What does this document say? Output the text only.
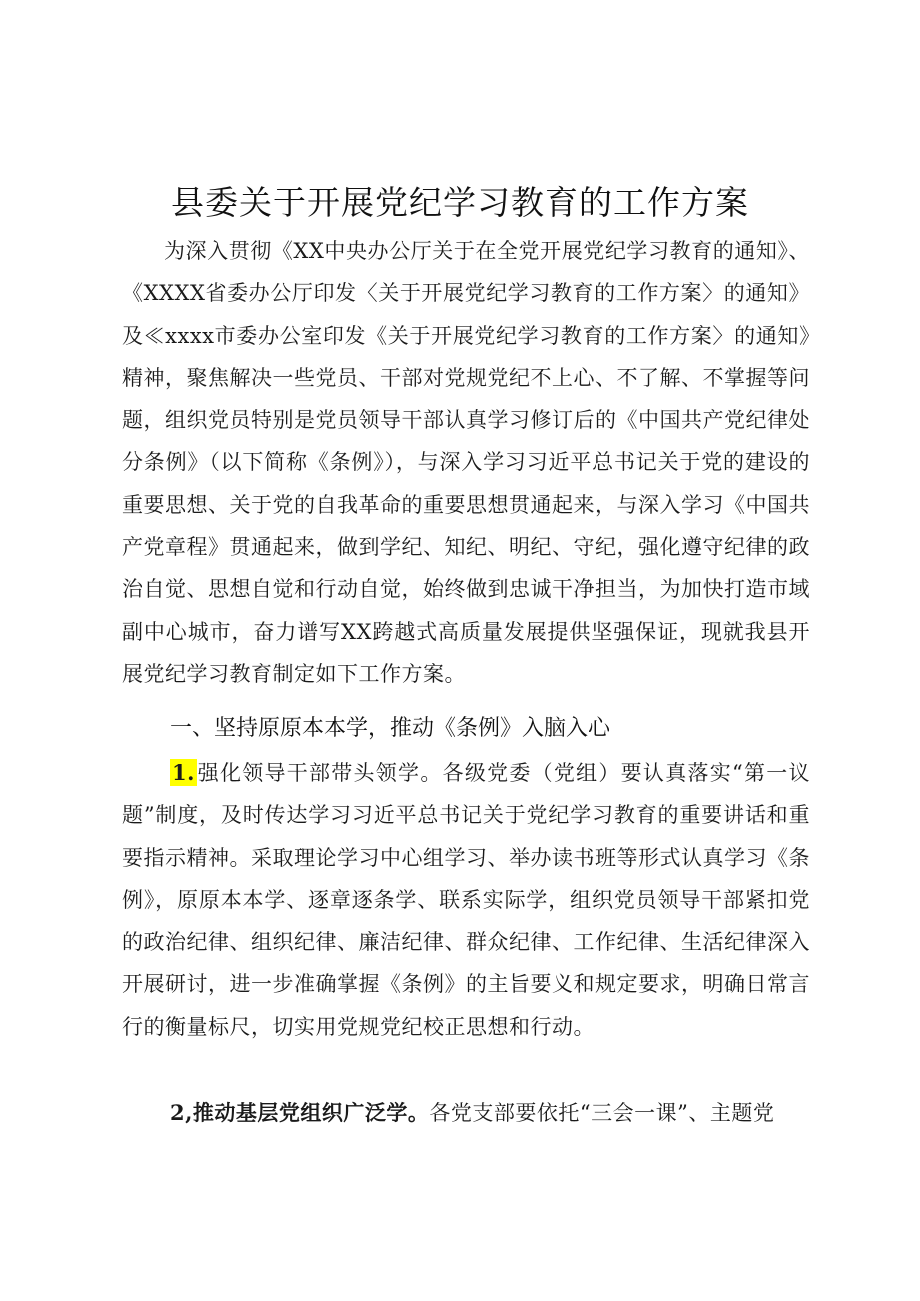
县委关于开展党纪学习教育的工作方案

为深入贯彻《XX中央办公厅关于在全党开展党纪学习教育的通知》、《XXXX省委办公厅印发〈关于开展党纪学习教育的工作方案〉的通知》及≪xxxx市委办公室印发《关于开展党纪学习教育的工作方案〉的通知》精神，聚焦解决一些党员、干部对党规党纪不上心、不了解、不掌握等问题，组织党员特别是党员领导干部认真学习修订后的《中国共产党纪律处分条例》（以下简称《条例》），与深入学习习近平总书记关于党的建设的重要思想、关于党的自我革命的重要思想贯通起来，与深入学习《中国共产党章程》贯通起来，做到学纪、知纪、明纪、守纪，强化遵守纪律的政治自觉、思想自觉和行动自觉，始终做到忠诚干净担当，为加快打造市域副中心城市，奋力谱写XX跨越式高质量发展提供坚强保证，现就我县开展党纪学习教育制定如下工作方案。

一、坚持原原本本学，推动《条例》入脑入心

1.强化领导干部带头领学。各级党委（党组）要认真落实“第一议题”制度，及时传达学习习近平总书记关于党纪学习教育的重要讲话和重要指示精神。采取理论学习中心组学习、举办读书班等形式认真学习《条例》，原原本本学、逐章逐条学、联系实际学，组织党员领导干部紧扣党的政治纪律、组织纪律、廉洁纪律、群众纪律、工作纪律、生活纪律深入开展研讨，进一步准确掌握《条例》的主旨要义和规定要求，明确日常言行的衡量标尺，切实用党规党纪校正思想和行动。

2,推动基层党组织广泛学。各党支部要依托“三会一课”、主题党
